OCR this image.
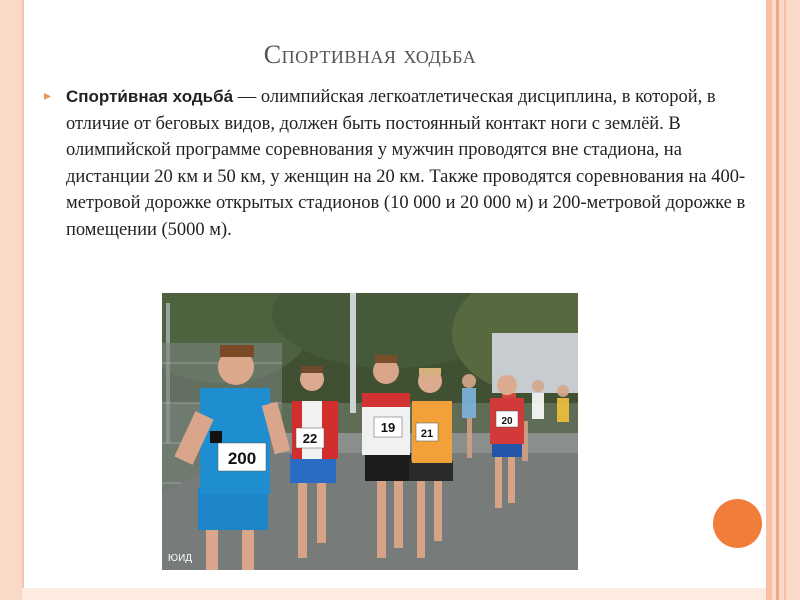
Спортивная ходьба
▸ Спорти́вная ходьба́ — олимпийская легкоатлетическая дисциплина, в которой, в отличие от беговых видов, должен быть постоянный контакт ноги с землёй. В олимпийской программе соревнования у мужчин проводятся вне стадиона, на дистанции 20 км и 50 км, у женщин на 20 км. Также проводятся соревнования на 400-метровой дорожке открытых стадионов (10 000 и 20 000 м) и 200-метровой дорожке в помещении (5000 м).
19 21
20
22
200
ЮИД
